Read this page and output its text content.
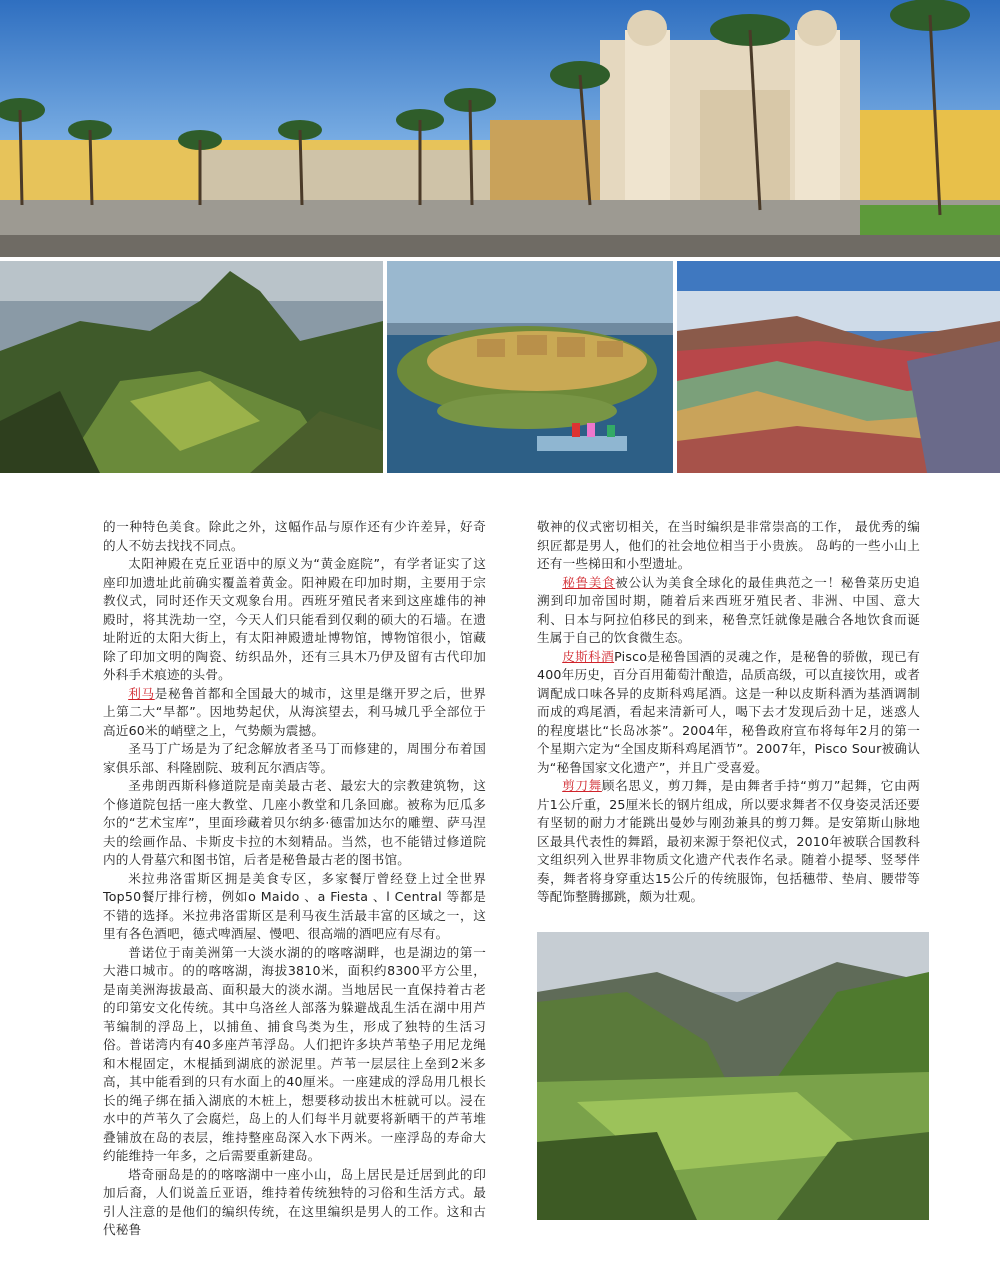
的一种特色美食。除此之外，这幅作品与原作还有少许差异，好奇的人不妨去找找不同点。

太阳神殿在克丘亚语中的原义为“黄金庭院”，有学者证实了这座印加遗址此前确实覆盖着黄金。阳神殿在印加时期，主要用于宗教仪式，同时还作天文观象台用。西班牙殖民者来到这座雄伟的神殿时，将其洗劫一空，今天人们只能看到仅剩的硕大的石墙。在遗址附近的太阳大街上，有太阳神殿遗址博物馆，博物馆很小，馆藏除了印加文明的陶瓷、纺织品外，还有三具木乃伊及留有古代印加外科手术痕迹的头骨。

利马是秘鲁首都和全国最大的城市，这里是继开罗之后，世界上第二大“旱都”。因地势起伏，从海滨望去，利马城几乎全部位于高近60米的峭壁之上，气势颇为震撼。

圣马丁广场是为了纪念解放者圣马丁而修建的，周围分布着国家俱乐部、科隆剧院、玻利瓦尔酒店等。

圣弗朗西斯科修道院是南美最古老、最宏大的宗教建筑物，这个修道院包括一座大教堂、几座小教堂和几条回廊。被称为厄瓜多尔的“艺术宝库”，里面珍藏着贝尔纳多·德雷加达尔的雕塑、萨马涅夫的绘画作品、卡斯皮卡拉的木刻精品。当然，也不能错过修道院内的人骨墓穴和图书馆，后者是秘鲁最古老的图书馆。

米拉弗洛雷斯区拥是美食专区，多家餐厅曾经登上过全世界Top50餐厅排行榜，例如o Maido 、a Fiesta 、l Central 等都是不错的选择。米拉弗洛雷斯区是利马夜生活最丰富的区域之一，这里有各色酒吧，德式啤酒屋、慢吧、很高端的酒吧应有尽有。

普诺位于南美洲第一大淡水湖的的喀喀湖畔，也是湖边的第一大港口城市。的的喀喀湖，海拔3810米，面积约8300平方公里，是南美洲海拔最高、面积最大的淡水湖。当地居民一直保持着古老的印第安文化传统。其中乌洛丝人部落为躲避战乱生活在湖中用芦苇编制的浮岛上，以捕鱼、捕食鸟类为生，形成了独特的生活习俗。普诺湾内有40多座芦苇浮岛。人们把许多块芦苇垫子用尼龙绳和木棍固定，木棍插到湖底的淤泥里。芦苇一层层往上垒到2米多高，其中能看到的只有水面上的40厘米。一座建成的浮岛用几根长长的绳子绑在插入湖底的木桩上，想要移动拔出木桩就可以。浸在水中的芦苇久了会腐烂，岛上的人们每半月就要将新晒干的芦苇堆叠铺放在岛的表层，维持整座岛深入水下两米。一座浮岛的寿命大约能维持一年多，之后需要重新建岛。

塔奇丽岛是的的喀喀湖中一座小山，岛上居民是迁居到此的印加后裔，人们说盖丘亚语，维持着传统独特的习俗和生活方式。最引人注意的是他们的编织传统，在这里编织是男人的工作。这和古代秘鲁

敬神的仪式密切相关，在当时编织是非常崇高的工作， 最优秀的编织匠都是男人，他们的社会地位相当于小贵族。 岛屿的一些小山上还有一些梯田和小型遗址。

秘鲁美食被公认为美食全球化的最佳典范之一！秘鲁菜历史追溯到印加帝国时期，随着后来西班牙殖民者、非洲、中国、意大利、日本与阿拉伯移民的到来，秘鲁烹饪就像是融合各地饮食而诞生属于自己的饮食微生态。

皮斯科酒Pisco是秘鲁国酒的灵魂之作，是秘鲁的骄傲，现已有400年历史，百分百用葡萄汁酿造，品质高级，可以直接饮用，或者调配成口味各异的皮斯科鸡尾酒。这是一种以皮斯科酒为基酒调制而成的鸡尾酒，看起来清新可人，喝下去才发现后劲十足，迷惑人的程度堪比“长岛冰茶”。2004年，秘鲁政府宣布将每年2月的第一个星期六定为“全国皮斯科鸡尾酒节”。2007年，Pisco Sour被确认为“秘鲁国家文化遗产”，并且广受喜爱。

剪刀舞顾名思义，剪刀舞，是由舞者手持“剪刀”起舞，它由两片1公斤重，25厘米长的钢片组成，所以要求舞者不仅身姿灵活还要有坚韧的耐力才能跳出曼妙与刚劲兼具的剪刀舞。是安第斯山脉地区最具代表性的舞蹈，最初来源于祭祀仪式，2010年被联合国教科文组织列入世界非物质文化遗产代表作名录。随着小提琴、竖琴伴奏，舞者将身穿重达15公斤的传统服饰，包括穗带、垫肩、腰带等等配饰整腾挪跳，颇为壮观。
